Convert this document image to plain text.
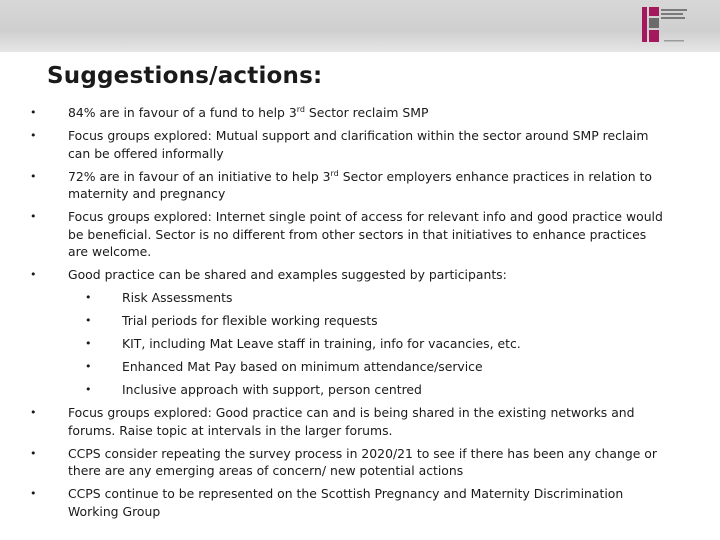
Suggestions/actions:
•	84% are in favour of a fund to help 3rd Sector reclaim SMP
•	Focus groups explored: Mutual support and clarification within the sector around SMP reclaim can be offered informally
•	72% are in favour of an initiative to help 3rd Sector employers enhance practices in relation to maternity and pregnancy
•	Focus groups explored: Internet single point of access for relevant info and good practice would be beneficial. Sector is no different from other sectors in that initiatives to enhance practices are welcome.
•	Good practice can be shared and examples suggested by participants:
• Risk Assessments
• Trial periods for flexible working requests
• KIT, including Mat Leave staff in training, info for vacancies, etc.
• Enhanced Mat Pay based on minimum attendance/service
• Inclusive approach with support, person centred
•	Focus groups explored: Good practice can and is being shared in the existing networks and forums. Raise topic at intervals in the larger forums.
•	CCPS consider repeating the survey process in 2020/21 to see if there has been any change or there are any emerging areas of concern/ new potential actions
•	CCPS continue to be represented on the Scottish Pregnancy and Maternity Discrimination Working Group
